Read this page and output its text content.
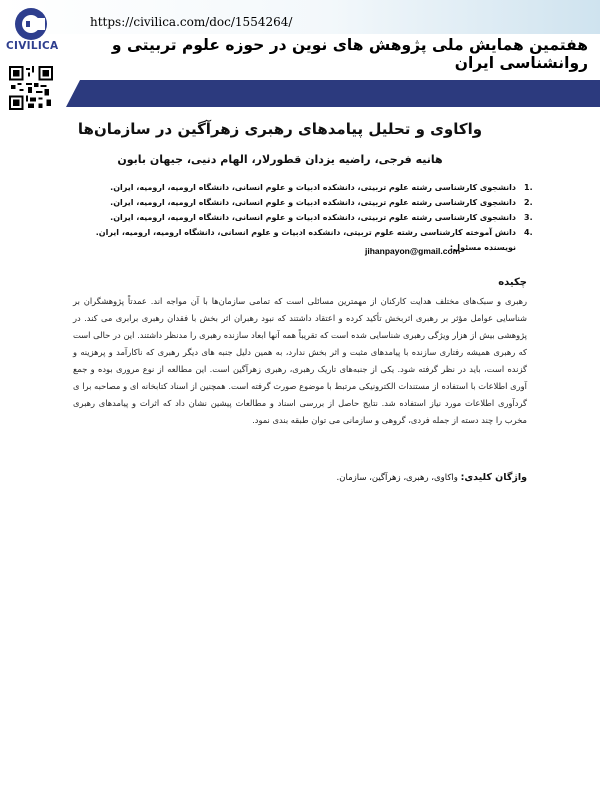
CIVILICA
https://civilica.com/doc/1554264/
هفتمین همایش ملی پژوهش های نوین در حوزه علوم تربیتی و روانشناسی ایران
واکاوی و تحلیل پیامدهای رهبری زهرآگین در سازمان‌ها
هانیه فرجی، راضیه یزدان قطورلار، الهام دنیی، جیهان بابون
.1
دانشجوی کارشناسی رشته علوم تربیتی، دانشکده ادبیات و علوم انسانی، دانشگاه ارومیه، ارومیه، ایران.
.2
دانشجوی کارشناسی رشته علوم تربیتی، دانشکده ادبیات و علوم انسانی، دانشگاه ارومیه، ارومیه، ایران.
.3
دانشجوی کارشناسی رشته علوم تربیتی، دانشکده ادبیات و علوم انسانی، دانشگاه ارومیه، ارومیه، ایران.
.4
دانش آموخته کارشناسی رشته علوم تربیتی، دانشکده ادبیات و علوم انسانی، دانشگاه ارومیه، ارومیه، ایران. نویسنده مسئول:
jihanpayon@gmail.com
چکیده
رهبری و سبک‌های مختلف هدایت کارکنان از مهمترین مسائلی است که تمامی سازمان‌ها با آن مواجه اند. عمدتاً پژوهشگران بر شناسایی عوامل مؤثر بر رهبری اثربخش تأکید کرده و اعتقاد داشتند که نبود رهبران اثر بخش با فقدان رهبری برابری می کند. در پژوهشی بیش از هزار ویژگی رهبری شناسایی شده است که تقریباً همه آنها ابعاد سازنده رهبری را مدنظر داشتند. این در حالی است که رهبری همیشه رفتاری سازنده با پیامدهای مثبت و اثر بخش ندارد، به همین دلیل جنبه های دیگر رهبری که ناکارآمد و پرهزینه و گزنده است، باید در نظر گرفته شود. یکی از جنبه‌های تاریک رهبری، رهبری زهرآگین است. این مطالعه از نوع مروری بوده و جمع آوری اطلاعات با استفاده از مستندات الکترونیکی مرتبط با موضوع صورت گرفته است. همچنین از اسناد کتابخانه ای و مصاحبه برا ی گردآوری اطلاعات مورد نیاز استفاده شد. نتایج حاصل از بررسی اسناد و مطالعات پیشین نشان داد که اثرات و پیامدهای رهبری مخرب را چند دسته از جمله فردی، گروهی و سازمانی می توان طبقه بندی نمود.
واژگان کلیدی: واکاوی، رهبری، زهرآگین، سازمان.
